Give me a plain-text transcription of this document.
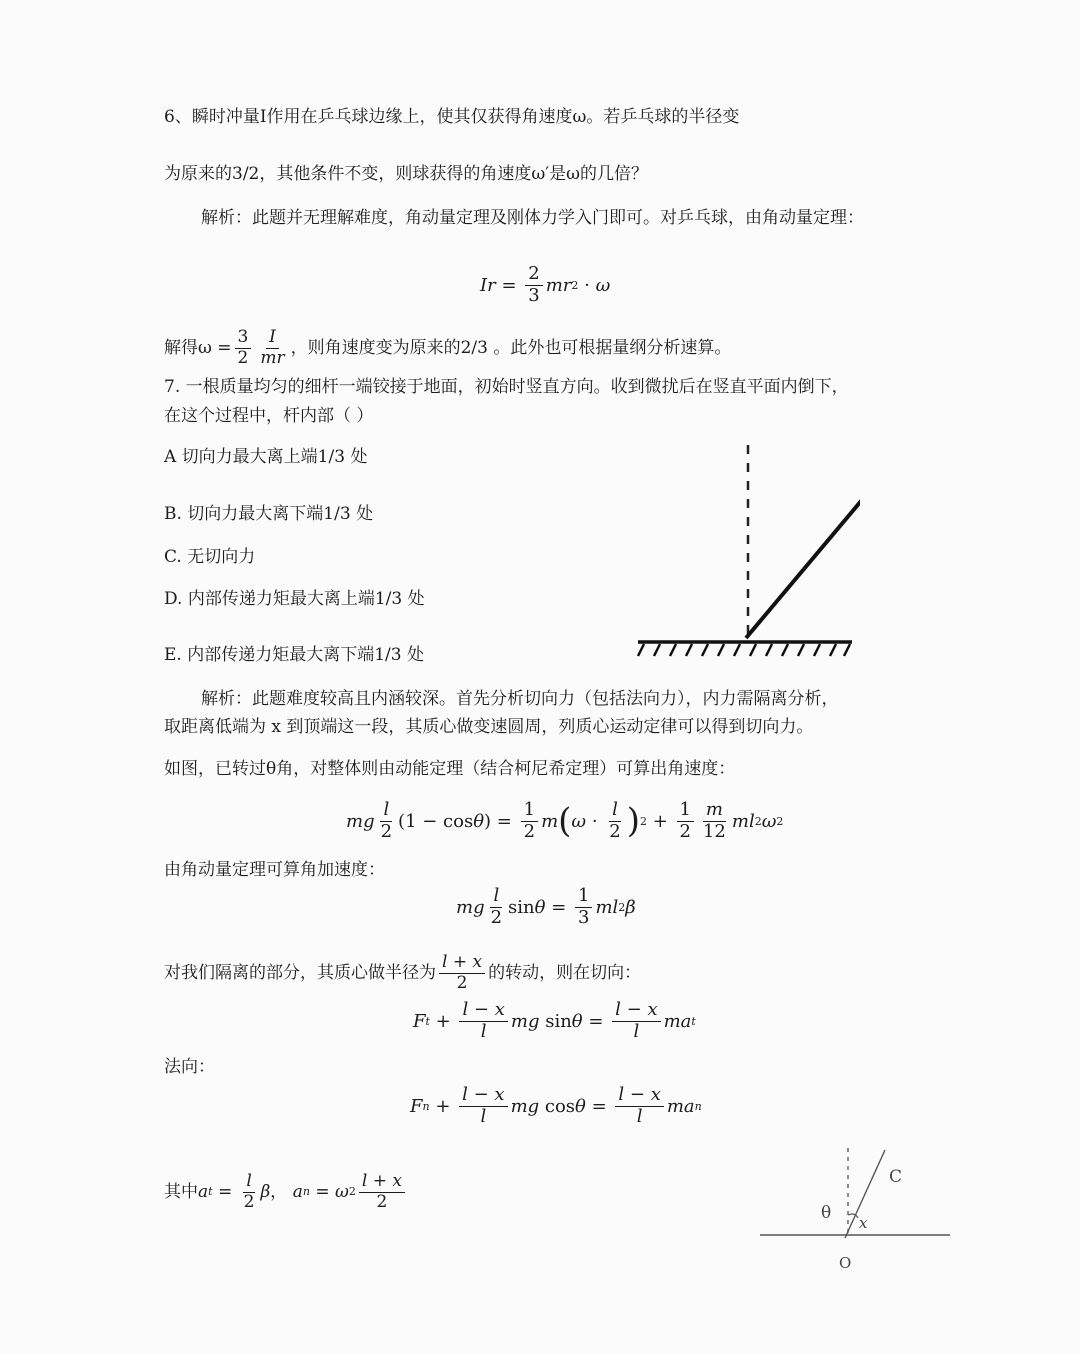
6、瞬时冲量I作用在乒乓球边缘上，使其仅获得角速度ω。若乒乓球的半径变
为原来的3/2，其他条件不变，则球获得的角速度ω′是ω的几倍？
解析：此题并无理解难度，角动量定理及刚体力学入门即可。对乒乓球，由角动量定理：
$Ir = \frac{2}{3}$ mr 2 · ω
解得$\omega = \frac{3}{2} \frac{I}{mr}$ ，则角速度变为原来的2/3 。此外也可根据量纲分析速算。
7. 一根质量均匀的细杆一端铰接于地面，初始时竖直方向。收到微扰后在竖直平面内倒下，
在这个过程中，杆内部（ ）
A 切向力最大离上端1/3 处
B. 切向力最大离下端1/3 处
C. 无切向力
D. 内部传递力矩最大离上端1/3 处
E. 内部传递力矩最大离下端1/3 处
解析：此题难度较高且内涵较深。首先分析切向力（包括法向力），内力需隔离分析，
取距离低端为 x 到顶端这一段，其质心做变速圆周，列质心运动定律可以得到切向力。
如图，已转过θ角，对整体则由动能定理（结合柯尼希定理）可算出角速度：
mg $\frac{l}{2} (1 - \cos \theta$ ) = $\frac{1}{2}$ m ( $\omega \cdot \frac{l}{2}$ ) $2 + \frac{1}{2} \frac{m}{12}$ ml 2 ω 2
由角动量定理可算角加速度：
mg $\frac{l}{2}$ $\sin \theta = \frac{1}{3}$ ml 2 β
对我们隔离的部分，其质心做半径为 $\frac{l + x}{2}$ 的转动，则在切向：
F $t + \frac{l - x}{l}$ mg $\sin \theta = \frac{l - x}{l}$ ma t
法向：
F $n + \frac{l - x}{l}$ mg $\cos \theta = \frac{l - x}{l}$ ma n
其中 a $t = \frac{l}{2}$ β ， a n = ω $2 \frac{l + x}{2}$
θ
C
x
O
